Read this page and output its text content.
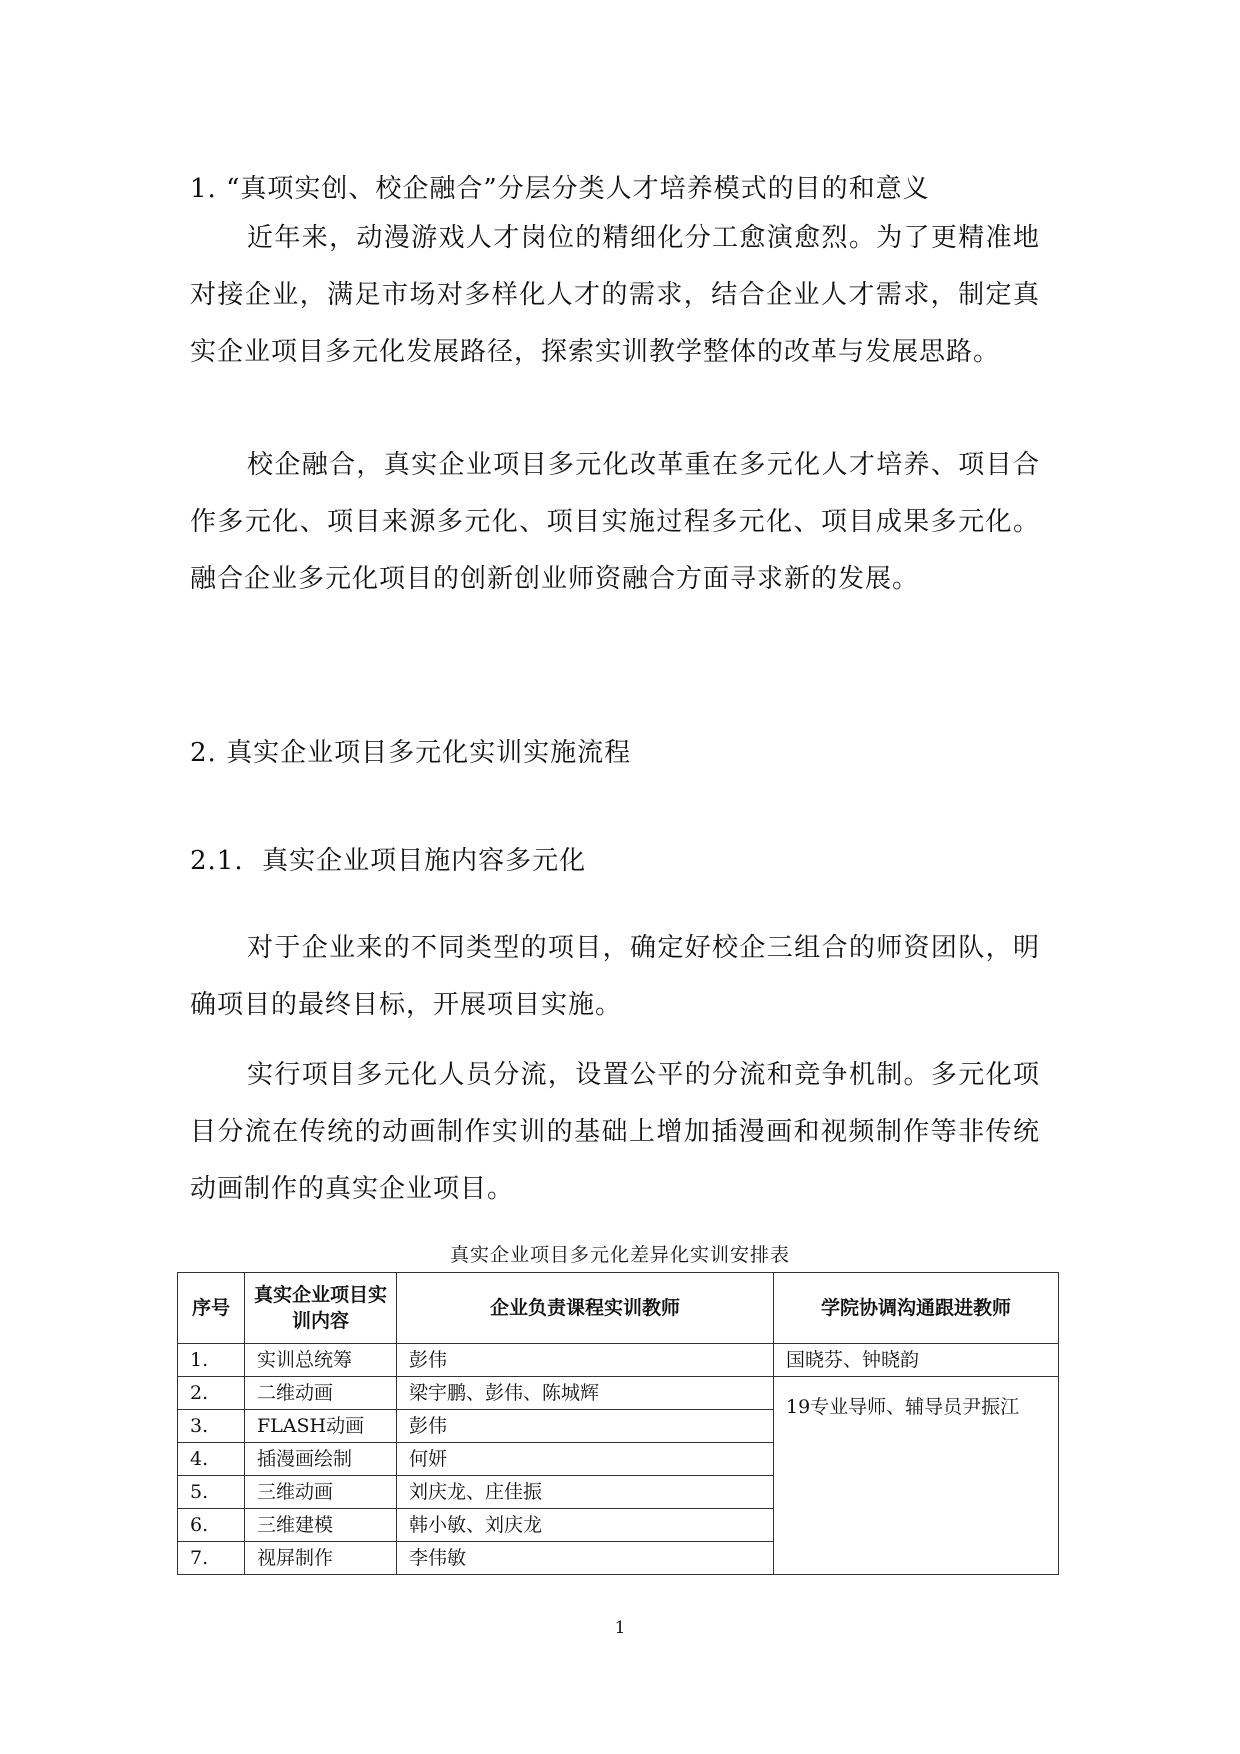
1. “真项实创、校企融合”分层分类人才培养模式的目的和意义

近年来，动漫游戏人才岗位的精细化分工愈演愈烈。为了更精准地对接企业，满足市场对多样化人才的需求，结合企业人才需求，制定真实企业项目多元化发展路径，探索实训教学整体的改革与发展思路。

校企融合，真实企业项目多元化改革重在多元化人才培养、项目合作多元化、项目来源多元化、项目实施过程多元化、项目成果多元化。融合企业多元化项目的创新创业师资融合方面寻求新的发展。

2. 真实企业项目多元化实训实施流程
2.1.  真实企业项目施内容多元化

对于企业来的不同类型的项目，确定好校企三组合的师资团队，明确项目的最终目标，开展项目实施。

实行项目多元化人员分流，设置公平的分流和竞争机制。多元化项目分流在传统的动画制作实训的基础上增加插漫画和视频制作等非传统动画制作的真实企业项目。

真实企业项目多元化差异化实训安排表
序号	真实企业项目实训内容	企业负责课程实训教师	学院协调沟通跟进教师
1.	实训总统筹	彭伟	国晓芬、钟晓韵
2.	二维动画	梁宇鹏、彭伟、陈城辉	19专业导师、辅导员尹振江
3.	FLASH动画	彭伟	
4.	插漫画绘制	何妍	
5.	三维动画	刘庆龙、庄佳振	
6.	三维建模	韩小敏、刘庆龙	
7.	视屏制作	李伟敏	
1
